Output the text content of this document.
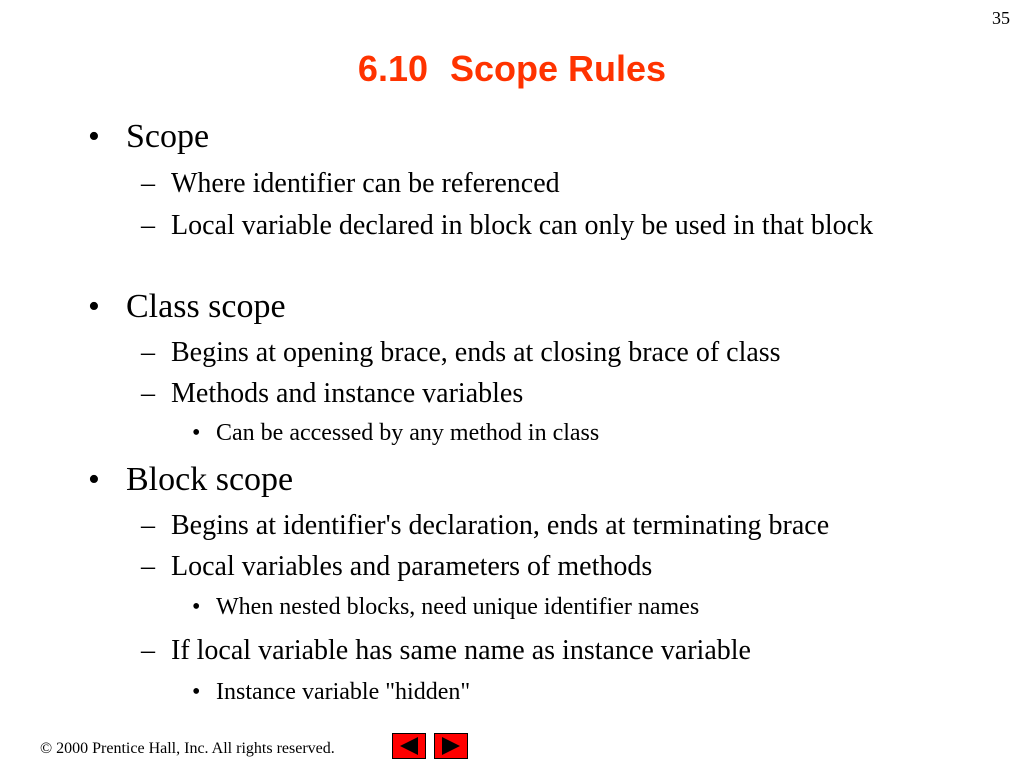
35
6.10 Scope Rules
• Scope
– Where identifier can be referenced
– Local variable declared in block can only be used in that block
• Class scope
– Begins at opening brace, ends at closing brace of class
– Methods and instance variables
• Can be accessed by any method in class
• Block scope
– Begins at identifier's declaration, ends at terminating brace
– Local variables and parameters of methods
• When nested blocks, need unique identifier names
– If local variable has same name as instance variable
• Instance variable "hidden"
© 2000 Prentice Hall, Inc. All rights reserved.
